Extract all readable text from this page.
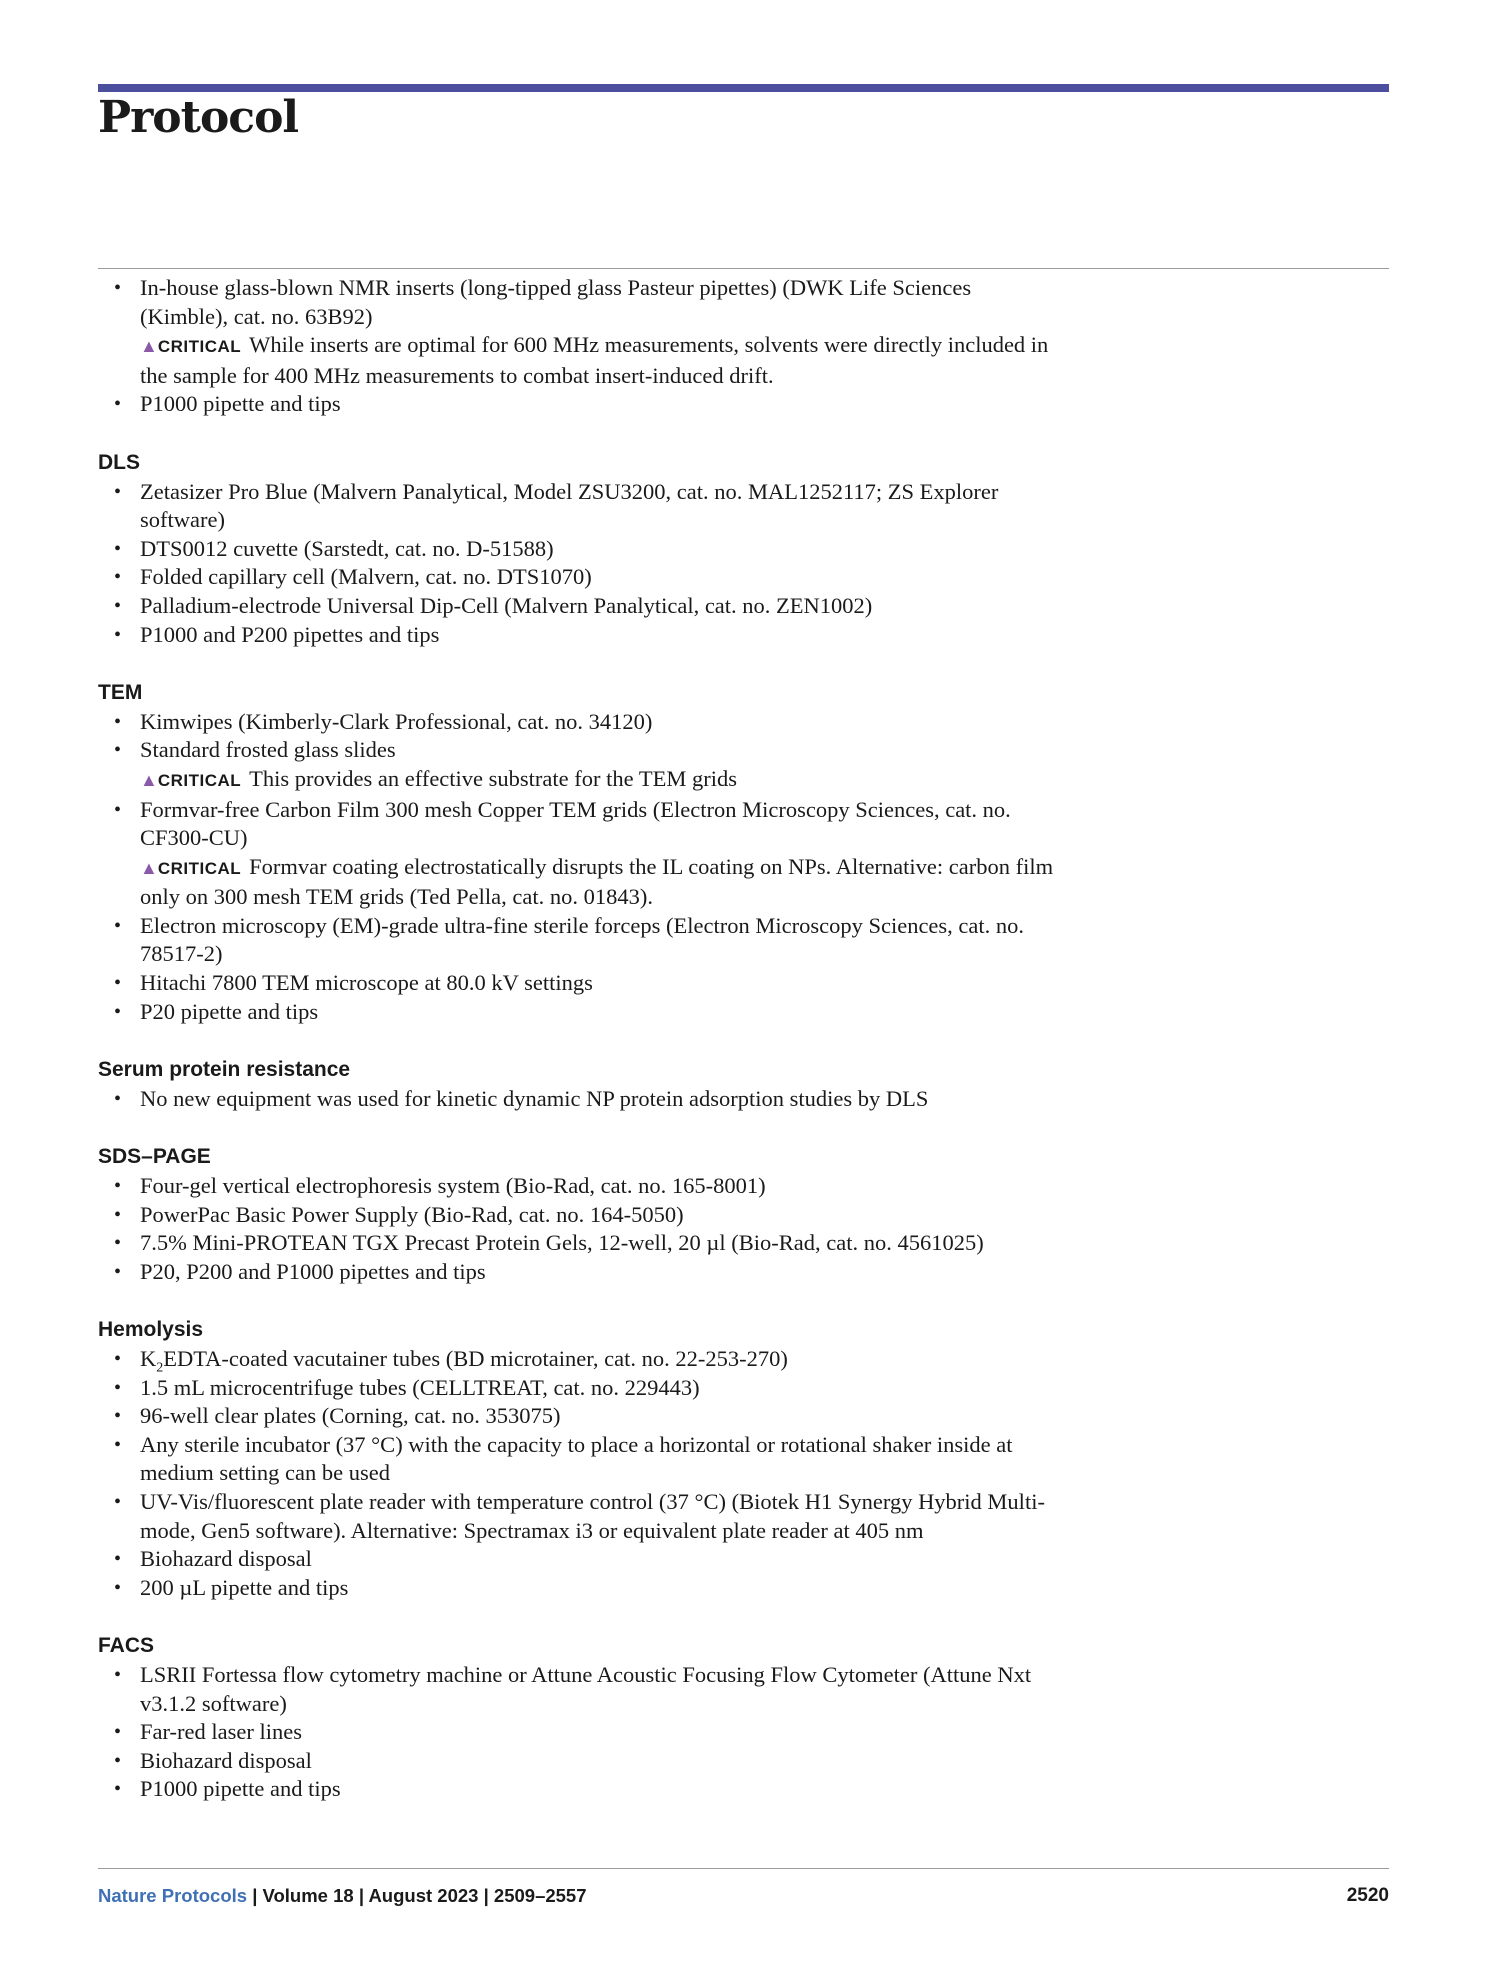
Protocol
• In-house glass-blown NMR inserts (long-tipped glass Pasteur pipettes) (DWK Life Sciences (Kimble), cat. no. 63B92)
▲CRITICAL While inserts are optimal for 600 MHz measurements, solvents were directly included in the sample for 400 MHz measurements to combat insert-induced drift.
• P1000 pipette and tips
DLS
• Zetasizer Pro Blue (Malvern Panalytical, Model ZSU3200, cat. no. MAL1252117; ZS Explorer software)
• DTS0012 cuvette (Sarstedt, cat. no. D-51588)
• Folded capillary cell (Malvern, cat. no. DTS1070)
• Palladium-electrode Universal Dip-Cell (Malvern Panalytical, cat. no. ZEN1002)
• P1000 and P200 pipettes and tips
TEM
• Kimwipes (Kimberly-Clark Professional, cat. no. 34120)
• Standard frosted glass slides
▲CRITICAL This provides an effective substrate for the TEM grids
• Formvar-free Carbon Film 300 mesh Copper TEM grids (Electron Microscopy Sciences, cat. no. CF300-CU)
▲CRITICAL Formvar coating electrostatically disrupts the IL coating on NPs. Alternative: carbon film only on 300 mesh TEM grids (Ted Pella, cat. no. 01843).
• Electron microscopy (EM)-grade ultra-fine sterile forceps (Electron Microscopy Sciences, cat. no. 78517-2)
• Hitachi 7800 TEM microscope at 80.0 kV settings
• P20 pipette and tips
Serum protein resistance
• No new equipment was used for kinetic dynamic NP protein adsorption studies by DLS
SDS–PAGE
• Four-gel vertical electrophoresis system (Bio-Rad, cat. no. 165-8001)
• PowerPac Basic Power Supply (Bio-Rad, cat. no. 164-5050)
• 7.5% Mini-PROTEAN TGX Precast Protein Gels, 12-well, 20 µl (Bio-Rad, cat. no. 4561025)
• P20, P200 and P1000 pipettes and tips
Hemolysis
• $K_2EDTA$-coated vacutainer tubes (BD microtainer, cat. no. 22-253-270)
• 1.5 mL microcentrifuge tubes (CELLTREAT, cat. no. 229443)
• 96-well clear plates (Corning, cat. no. 353075)
• Any sterile incubator (37 °C) with the capacity to place a horizontal or rotational shaker inside at medium setting can be used
• UV-Vis/fluorescent plate reader with temperature control (37 °C) (Biotek H1 Synergy Hybrid Multi-mode, Gen5 software). Alternative: Spectramax i3 or equivalent plate reader at 405 nm
• Biohazard disposal
• 200 µL pipette and tips
FACS
• LSRII Fortessa flow cytometry machine or Attune Acoustic Focusing Flow Cytometer (Attune Nxt v3.1.2 software)
• Far-red laser lines
• Biohazard disposal
• P1000 pipette and tips
Nature Protocols | Volume 18 | August 2023 | 2509–2557	2520
